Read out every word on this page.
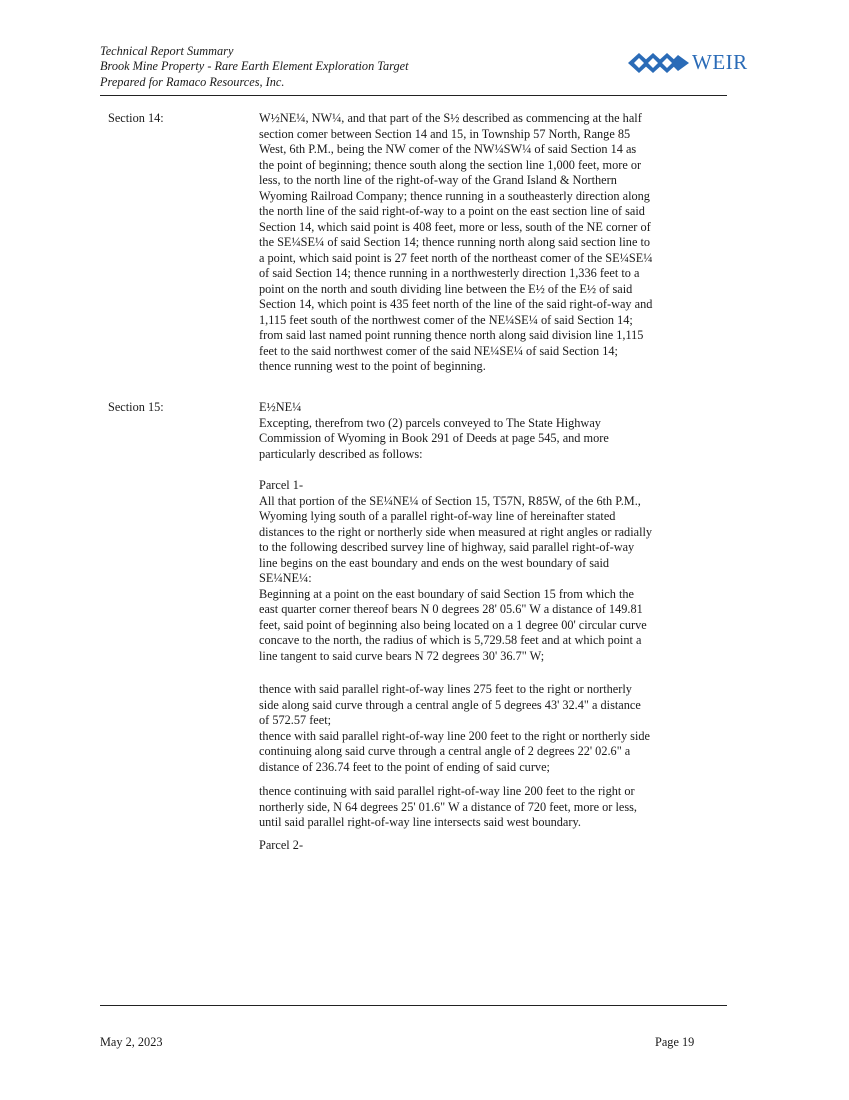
Technical Report Summary
Brook Mine Property - Rare Earth Element Exploration Target
Prepared for Ramaco Resources, Inc.
WEIR
Section 14:	W½NE¼, NW¼, and that part of the S½ described as commencing at the half
section comer between Section 14 and 15, in Township 57 North, Range 85
West, 6th P.M., being the NW comer of the NW¼SW¼ of said Section 14 as
the point of beginning; thence south along the section line 1,000 feet, more or
less, to the north line of the right-of-way of the Grand Island & Northern
Wyoming Railroad Company; thence running in a southeasterly direction along
the north line of the said right-of-way to a point on the east section line of said
Section 14, which said point is 408 feet, more or less, south of the NE corner of
the SE¼SE¼ of said Section 14; thence running north along said section line to
a point, which said point is 27 feet north of the northeast comer of the SE¼SE¼
of said Section 14; thence running in a northwesterly direction 1,336 feet to a
point on the north and south dividing line between the E½ of the E½ of said
Section 14, which point is 435 feet north of the line of the said right-of-way and
1,115 feet south of the northwest comer of the NE¼SE¼ of said Section 14;
from said last named point running thence north along said division line 1,115
feet to the said northwest comer of the said NE¼SE¼ of said Section 14;
thence running west to the point of beginning.
Section 15:	E½NE¼
Excepting, therefrom two (2) parcels conveyed to The State Highway
Commission of Wyoming in Book 291 of Deeds at page 545, and more
particularly described as follows:
Parcel 1-
All that portion of the SE¼NE¼ of Section 15, T57N, R85W, of the 6th P.M.,
Wyoming lying south of a parallel right-of-way line of hereinafter stated
distances to the right or northerly side when measured at right angles or radially
to the following described survey line of highway, said parallel right-of-way
line begins on the east boundary and ends on the west boundary of said
SE¼NE¼:
Beginning at a point on the east boundary of said Section 15 from which the
east quarter corner thereof bears N 0 degrees 28' 05.6" W a distance of 149.81
feet, said point of beginning also being located on a 1 degree 00' circular curve
concave to the north, the radius of which is 5,729.58 feet and at which point a
line tangent to said curve bears N 72 degrees 30' 36.7" W;
thence with said parallel right-of-way lines 275 feet to the right or northerly
side along said curve through a central angle of 5 degrees 43' 32.4" a distance
of 572.57 feet;
thence with said parallel right-of-way line 200 feet to the right or northerly side
continuing along said curve through a central angle of 2 degrees 22' 02.6" a
distance of 236.74 feet to the point of ending of said curve;
thence continuing with said parallel right-of-way line 200 feet to the right or
northerly side, N 64 degrees 25' 01.6" W a distance of 720 feet, more or less,
until said parallel right-of-way line intersects said west boundary.
Parcel 2-
May 2, 2023	Page 19
